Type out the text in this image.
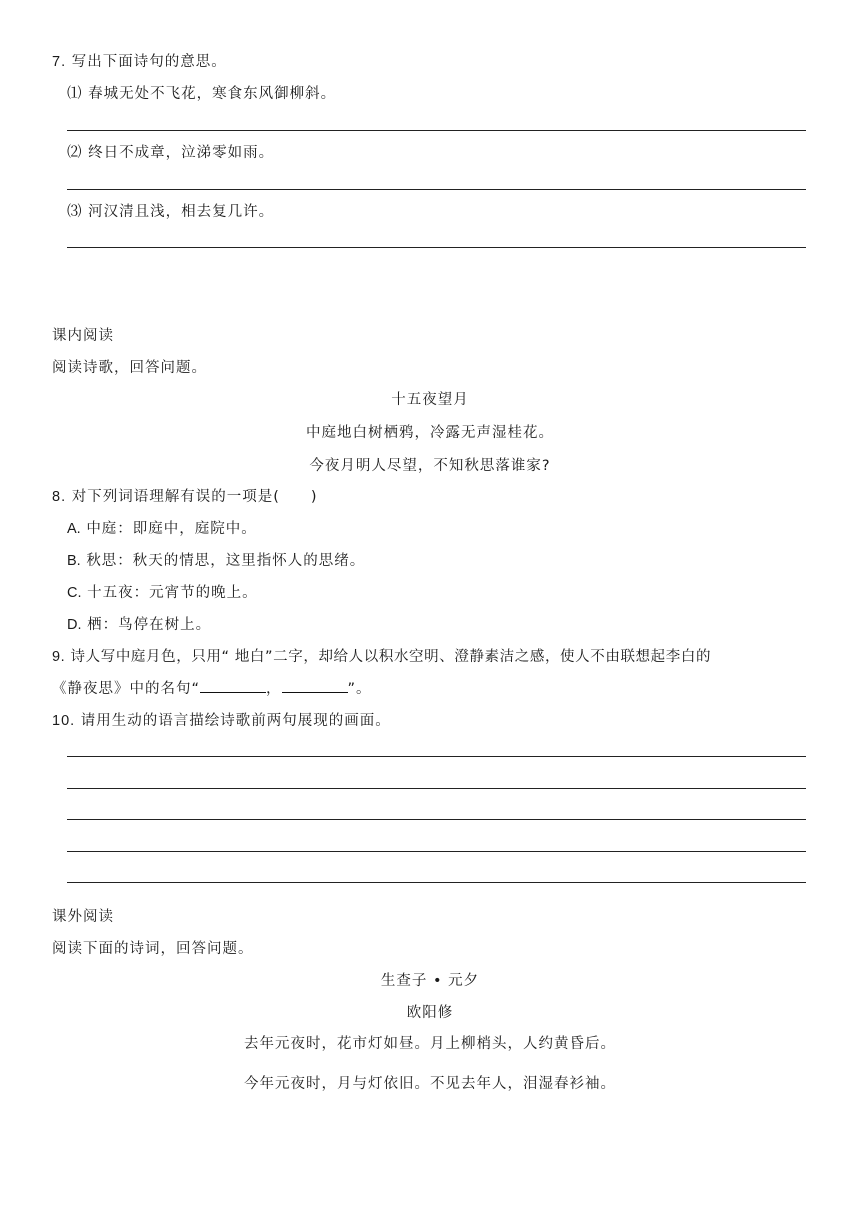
7. 写出下面诗句的意思。
⑴ 春城无处不飞花，寒食东风御柳斜。
⑵ 终日不成章，泣涕零如雨。
⑶ 河汉清且浅，相去复几许。
课内阅读
阅读诗歌，回答问题。
十五夜望月
中庭地白树栖鸦，冷露无声湿桂花。
今夜月明人尽望，不知秋思落谁家?
8. 对下列词语理解有误的一项是(　　)
A. 中庭：即庭中，庭院中。
B. 秋思：秋天的情思，这里指怀人的思绪。
C. 十五夜：元宵节的晚上。
D. 栖：鸟停在树上。
9. 诗人写中庭月色，只用“ 地白”二字，却给人以积水空明、澄静素洁之感，使人不由联想起李白的
《静夜思》中的名句“	，	”。
10. 请用生动的语言描绘诗歌前两句展现的画面。
课外阅读
阅读下面的诗词，回答问题。
生查子 • 元夕
欧阳修
去年元夜时，花市灯如昼。月上柳梢头，人约黄昏后。
今年元夜时，月与灯依旧。不见去年人，泪湿春衫袖。
